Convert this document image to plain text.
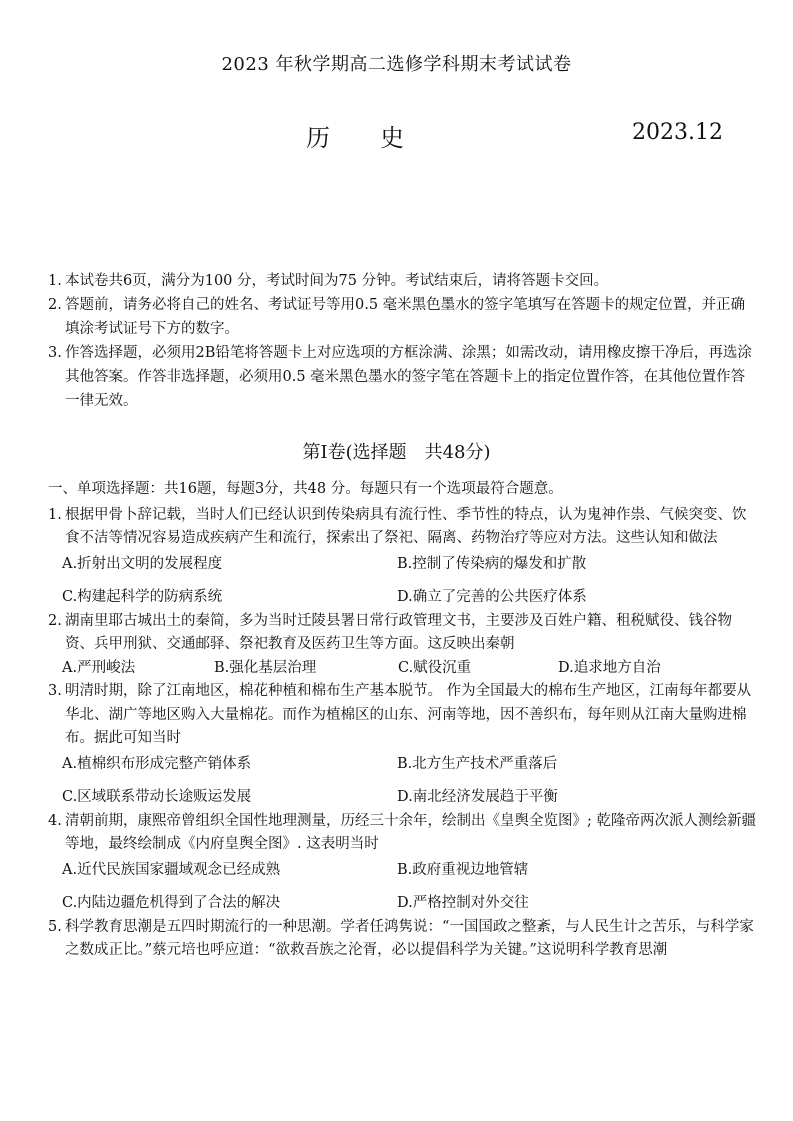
2023 年秋学期高二选修学科期末考试试卷
历史	2023.12
1. 本试卷共6页，满分为100 分，考试时间为75 分钟。考试结束后，请将答题卡交回。
2. 答题前，请务必将自己的姓名、考试证号等用0.5 毫米黑色墨水的签字笔填写在答题卡的规定位置，并正确填涂考试证号下方的数字。
3. 作答选择题，必须用2B铅笔将答题卡上对应选项的方框涂满、涂黑；如需改动，请用橡皮擦干净后，再选涂其他答案。作答非选择题，必须用0.5 毫米黑色墨水的签字笔在答题卡上的指定位置作答，在其他位置作答一律无效。
第Ⅰ卷(选择题　共48分)
一、单项选择题：共16题，每题3分，共48 分。每题只有一个选项最符合题意。
1. 根据甲骨卜辞记载，当时人们已经认识到传染病具有流行性、季节性的特点，认为鬼神作祟、气候突变、饮食不洁等情况容易造成疾病产生和流行，探索出了祭祀、隔离、药物治疗等应对方法。这些认知和做法
A.折射出文明的发展程度	B.控制了传染病的爆发和扩散
C.构建起科学的防病系统	D.确立了完善的公共医疗体系
2. 湖南里耶古城出土的秦简，多为当时迁陵县署日常行政管理文书，主要涉及百姓户籍、租税赋役、钱谷物资、兵甲刑狱、交通邮驿、祭祀教育及医药卫生等方面。这反映出秦朝
A.严刑峻法	B.强化基层治理	C.赋役沉重	D.追求地方自治
3. 明清时期，除了江南地区，棉花种植和棉布生产基本脱节。 作为全国最大的棉布生产地区，江南每年都要从华北、湖广等地区购入大量棉花。而作为植棉区的山东、河南等地，因不善织布，每年则从江南大量购进棉布。据此可知当时
A.植棉织布形成完整产销体系	B.北方生产技术严重落后
C.区域联系带动长途贩运发展	D.南北经济发展趋于平衡
4. 清朝前期，康熙帝曾组织全国性地理测量，历经三十余年，绘制出《皇舆全览图》; 乾隆帝两次派人测绘新疆等地，最终绘制成《内府皇舆全图》. 这表明当时
A.近代民族国家疆域观念已经成熟	B.政府重视边地管辖
C.内陆边疆危机得到了合法的解决	D.严格控制对外交往
5. 科学教育思潮是五四时期流行的一种思潮。学者任鸿隽说：“一国国政之整紊，与人民生计之苦乐，与科学家之数成正比。”蔡元培也呼应道：“欲救吾族之沦胥，必以提倡科学为关键。”这说明科学教育思潮
